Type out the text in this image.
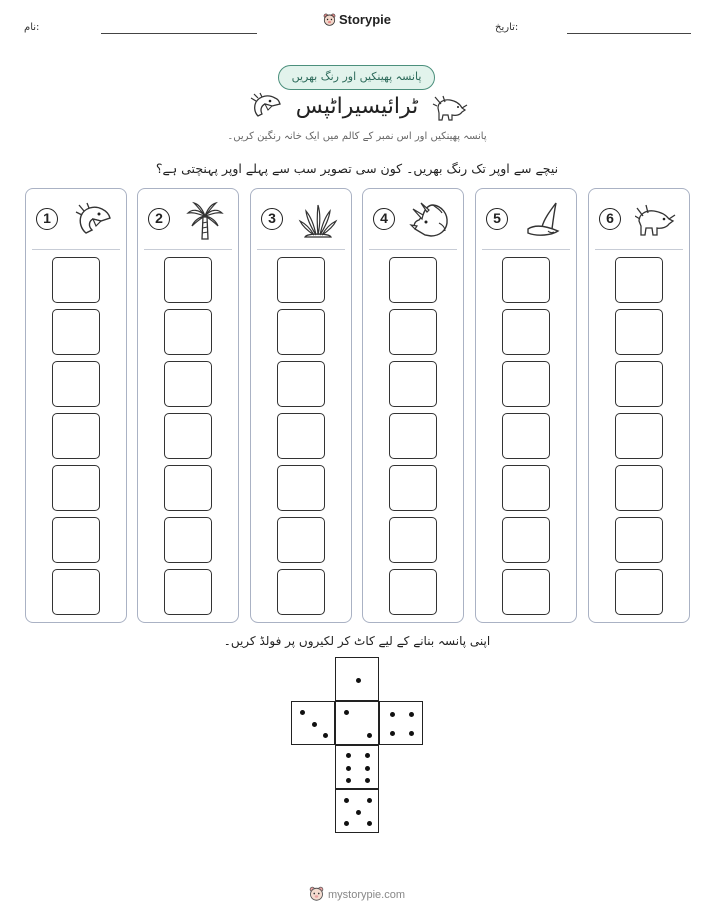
نام:
Storypie
تاریخ:
پانسہ پھینکیں اور رنگ بھریں
ٹرائیسیراٹپس
پانسہ پھینکیں اور اس نمبر کے کالم میں ایک خانہ رنگین کریں۔
نیچے سے اوپر تک رنگ بھریں۔ کون سی تصویر سب سے پہلے اوپر پہنچتی ہے؟
1	2	3	4	5	6
اپنی پانسہ بنانے کے لیے کاٹ کر لکیروں پر فولڈ کریں۔
mystorypie.com
